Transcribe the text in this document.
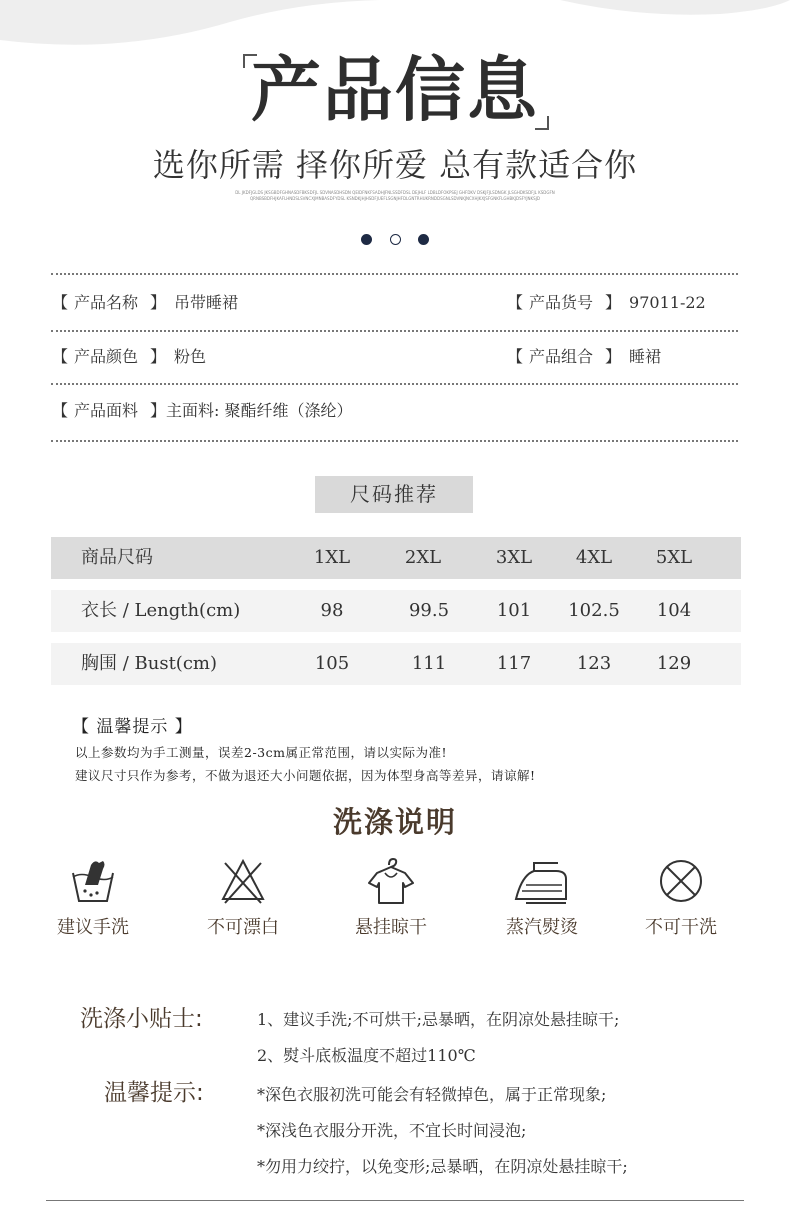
产品信息
选你所需 择你所爱 总有款适合你
DL JKDFJGLDS JKSGBDFGHNASDFBKSDFJL SDVNASDHSDN QEIDFNKFSADHJFNLSSDFDSL DEJHLF LDBLDFOKPSEJ GHFDKV DSKJFJLSDNGK JLSGHDKSDFJL KSDGFNQRNBSBDFHJKAFLHNDSLSVNCXJMNBASDFYDSL KSNDKJHJHSDFJUEFLSGNJHFDLGNTRHUKRNDDSGNLSDVNKJNCXHJKXJSFGNKFLGHBKJDSFYJNKSJD

【 产品名称 】 吊带睡裙	【 产品货号 】 97011-22
【 产品颜色 】 粉色	【 产品组合 】 睡裙
【 产品面料 】主面料: 聚酯纤维（涤纶）
尺码推荐
商品尺码	1XL	2XL	3XL	4XL	5XL
衣长 / Length(cm)	98	99.5	101	102.5	104
胸围 / Bust(cm)	105	111	117	123	129
【 温馨提示 】
以上参数均为手工测量，误差2-3cm属正常范围，请以实际为准!
建议尺寸只作为参考，不做为退还大小问题依据，因为体型身高等差异，请谅解!
洗涤说明
建议手洗	不可漂白	悬挂晾干	蒸汽熨烫	不可干洗
洗涤小贴士:	1、建议手洗;不可烘干;忌暴晒，在阴凉处悬挂晾干;
2、熨斗底板温度不超过110℃
温馨提示:	*深色衣服初洗可能会有轻微掉色，属于正常现象;
*深浅色衣服分开洗，不宜长时间浸泡;
*勿用力绞拧，以免变形;忌暴晒，在阴凉处悬挂晾干;
